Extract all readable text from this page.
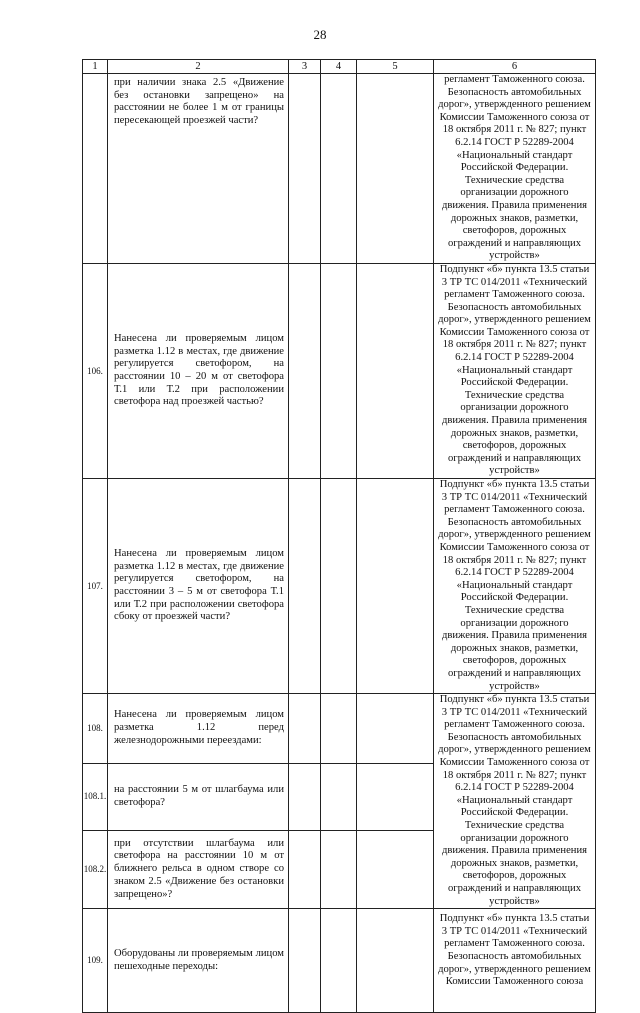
28
1	2	3	4	5	6
	при наличии знака 2.5 «Движение без остановки запрещено» на расстоянии не более 1 м от границы пересекающей проезжей части?				регламент Таможенного союза. Безопасность автомобильных дорог», утвержденного решением Комиссии Таможенного союза от 18 октября 2011 г. № 827; пункт 6.2.14 ГОСТ Р 52289-2004 «Национальный стандарт Российской Федерации. Технические средства организации дорожного движения. Правила применения дорожных знаков, разметки, светофоров, дорожных ограждений и направляющих устройств»
106.	Нанесена ли проверяемым лицом разметка 1.12 в местах, где движение регулируется светофором, на расстоянии 10 – 20 м от светофора Т.1 или Т.2 при расположении светофора над проезжей частью?				Подпункт «б» пункта 13.5 статьи 3 ТР ТС 014/2011 «Технический регламент Таможенного союза. Безопасность автомобильных дорог», утвержденного решением Комиссии Таможенного союза от 18 октября 2011 г. № 827; пункт 6.2.14 ГОСТ Р 52289-2004 «Национальный стандарт Российской Федерации. Технические средства организации дорожного движения. Правила применения дорожных знаков, разметки, светофоров, дорожных ограждений и направляющих устройств»
107.	Нанесена ли проверяемым лицом разметка 1.12 в местах, где движение регулируется светофором, на расстоянии 3 – 5 м от светофора Т.1 или Т.2 при расположении светофора сбоку от проезжей части?				Подпункт «б» пункта 13.5 статьи 3 ТР ТС 014/2011 «Технический регламент Таможенного союза. Безопасность автомобильных дорог», утвержденного решением Комиссии Таможенного союза от 18 октября 2011 г. № 827; пункт 6.2.14 ГОСТ Р 52289-2004 «Национальный стандарт Российской Федерации. Технические средства организации дорожного движения. Правила применения дорожных знаков, разметки, светофоров, дорожных ограждений и направляющих устройств»
108.	Нанесена ли проверяемым лицом разметка 1.12 перед железнодорожными переездами:				Подпункт «б» пункта 13.5 статьи 3 ТР ТС 014/2011 «Технический регламент Таможенного союза. Безопасность автомобильных дорог», утвержденного решением Комиссии Таможенного союза от 18 октября 2011 г. № 827; пункт 6.2.14 ГОСТ Р 52289-2004 «Национальный стандарт Российской Федерации. Технические средства организации дорожного движения. Правила применения дорожных знаков, разметки, светофоров, дорожных ограждений и направляющих устройств»
108.1.	на расстоянии 5 м от шлагбаума или светофора?				
108.2.	при отсутствии шлагбаума или светофора на расстоянии 10 м от ближнего рельса в одном створе со знаком 2.5 «Движение без остановки запрещено»?				
109.	Оборудованы ли проверяемым лицом пешеходные переходы:				Подпункт «б» пункта 13.5 статьи 3 ТР ТС 014/2011 «Технический регламент Таможенного союза. Безопасность автомобильных дорог», утвержденного решением Комиссии Таможенного союза
